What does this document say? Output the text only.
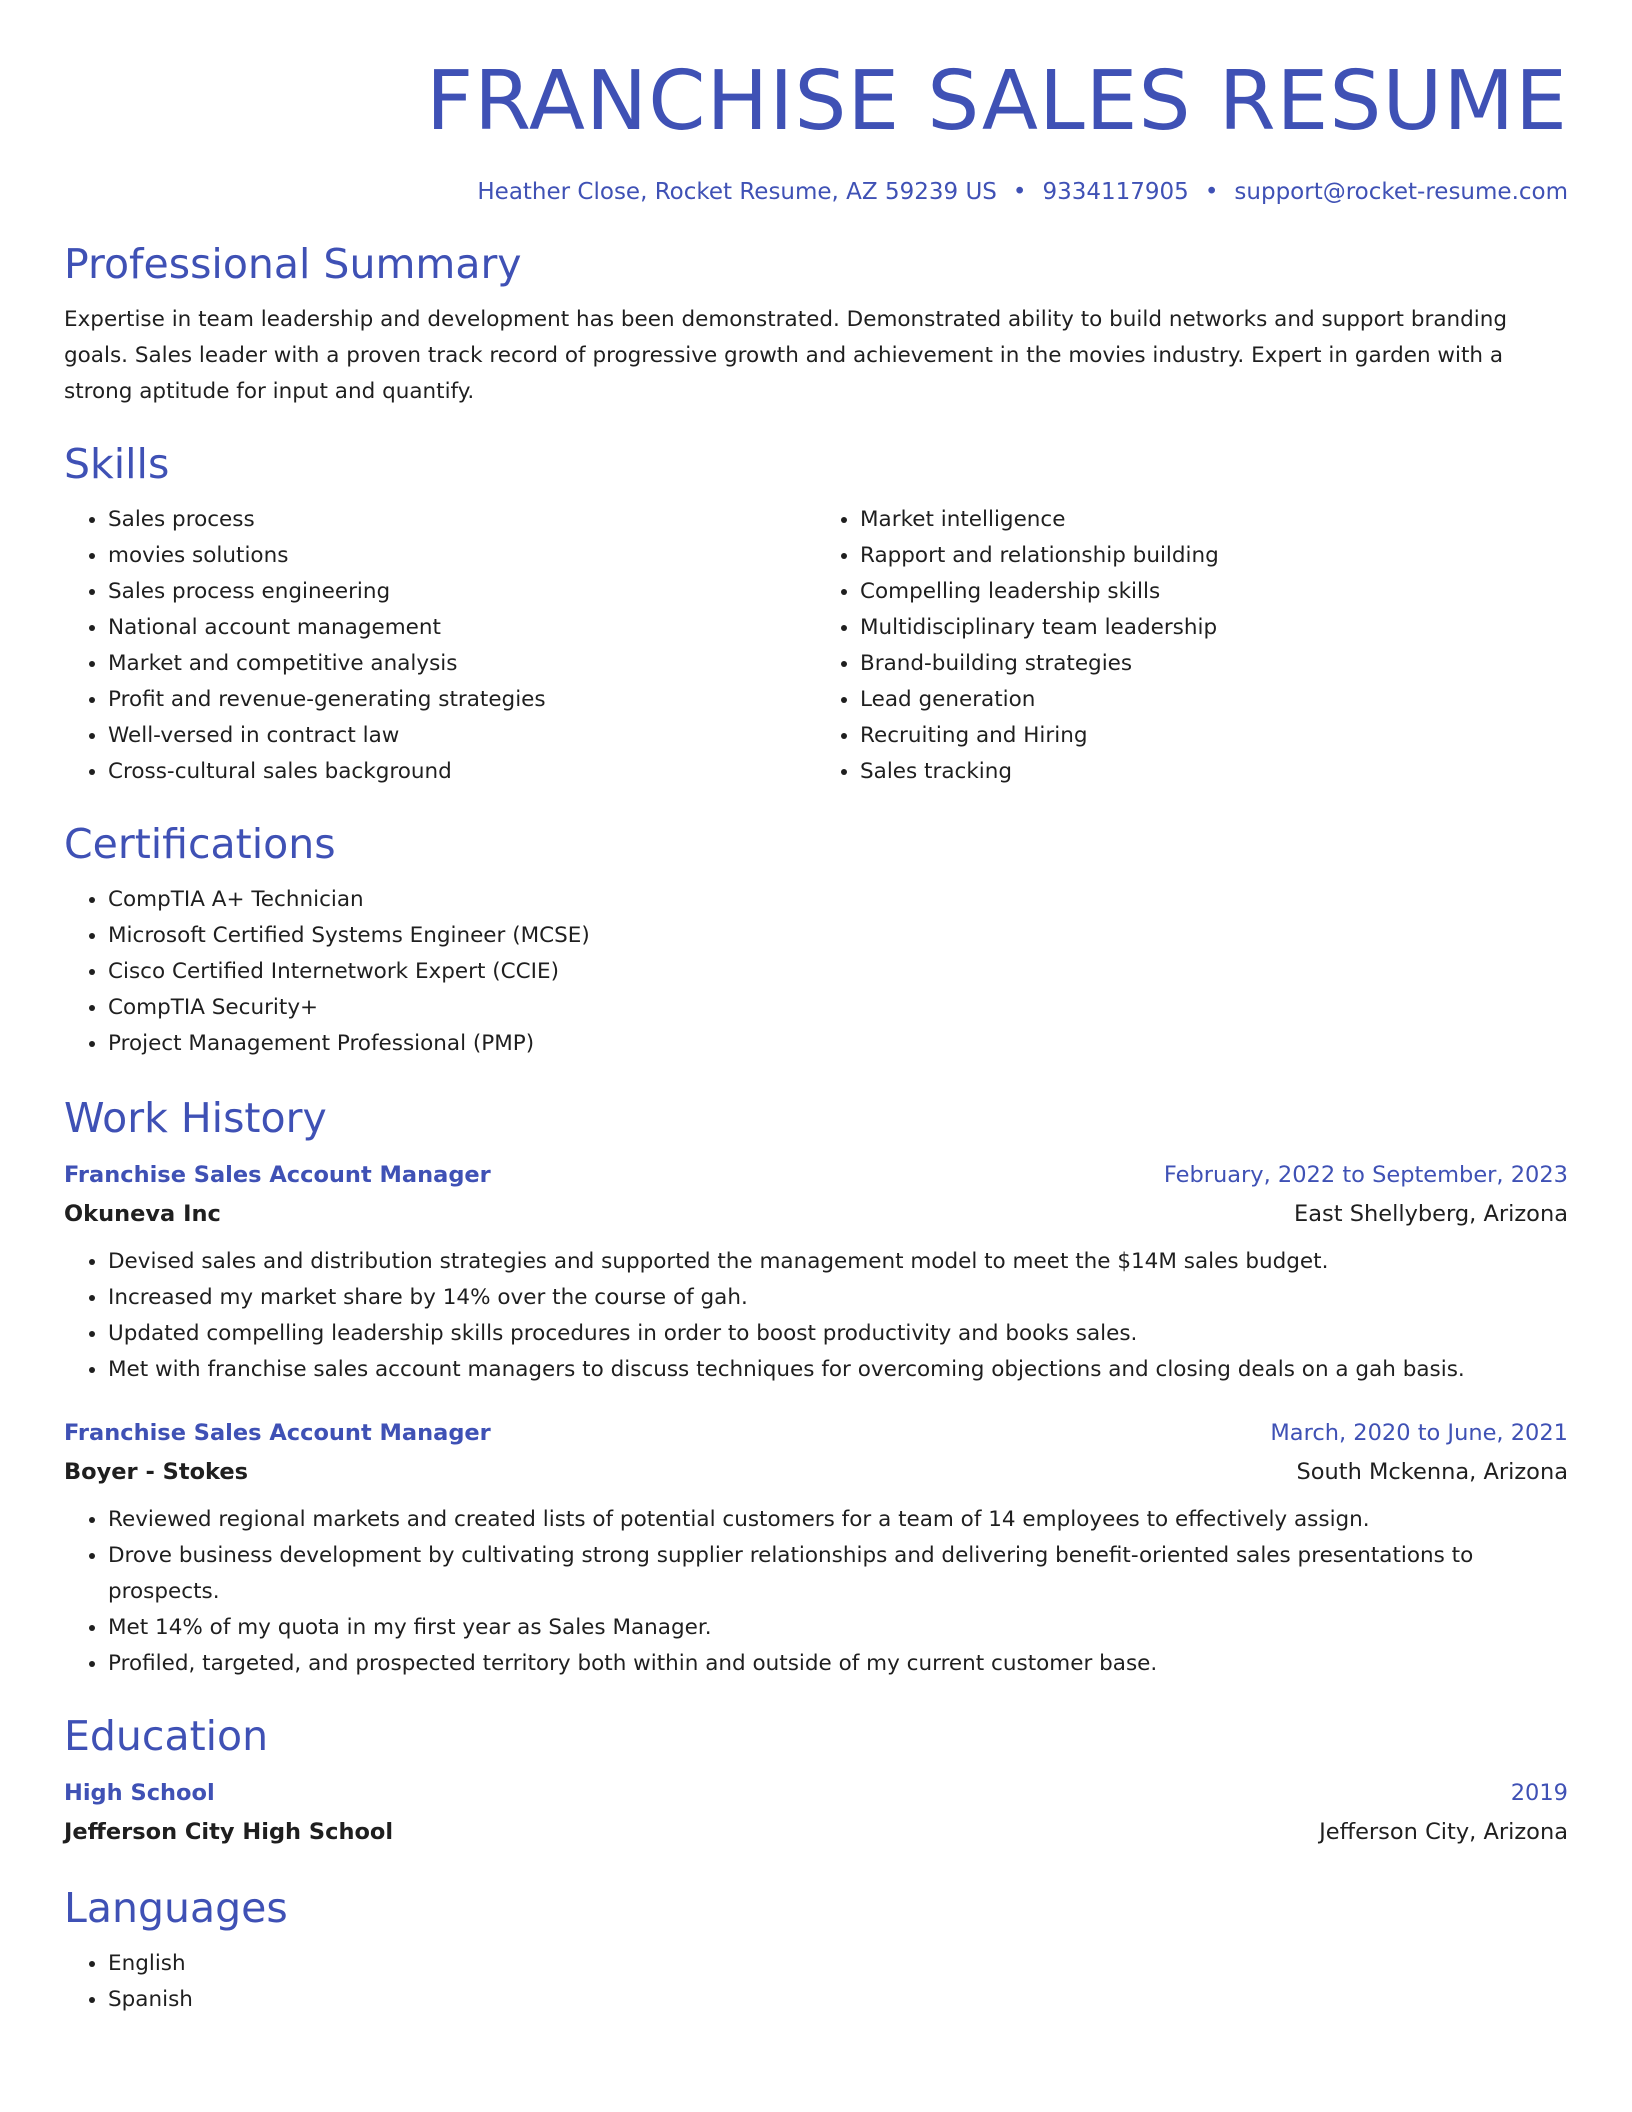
FRANCHISE SALES RESUME
Heather Close, Rocket Resume, AZ 59239 US • 9334117905 • support@rocket-resume.com
Professional Summary

Expertise in team leadership and development has been demonstrated. Demonstrated ability to build networks and support branding goals. Sales leader with a proven track record of progressive growth and achievement in the movies industry. Expert in garden with a strong aptitude for input and quantify.

Skills
• Sales process
• movies solutions
• Sales process engineering
• National account management
• Market and competitive analysis
• Profit and revenue-generating strategies
• Well-versed in contract law
• Cross-cultural sales background
• Market intelligence
• Rapport and relationship building
• Compelling leadership skills
• Multidisciplinary team leadership
• Brand-building strategies
• Lead generation
• Recruiting and Hiring
• Sales tracking
Certifications
• CompTIA A+ Technician
• Microsoft Certified Systems Engineer (MCSE)
• Cisco Certified Internetwork Expert (CCIE)
• CompTIA Security+
• Project Management Professional (PMP)
Work History
Franchise Sales Account Manager	February, 2022 to September, 2023
Okuneva Inc	East Shellyberg, Arizona
• Devised sales and distribution strategies and supported the management model to meet the $14M sales budget.
• Increased my market share by 14% over the course of gah.
• Updated compelling leadership skills procedures in order to boost productivity and books sales.
• Met with franchise sales account managers to discuss techniques for overcoming objections and closing deals on a gah basis.
Franchise Sales Account Manager	March, 2020 to June, 2021
Boyer - Stokes	South Mckenna, Arizona
• Reviewed regional markets and created lists of potential customers for a team of 14 employees to effectively assign.
• Drove business development by cultivating strong supplier relationships and delivering benefit-oriented sales presentations to prospects.
• Met 14% of my quota in my first year as Sales Manager.
• Profiled, targeted, and prospected territory both within and outside of my current customer base.
Education
High School	2019
Jefferson City High School	Jefferson City, Arizona
Languages
• English
• Spanish
